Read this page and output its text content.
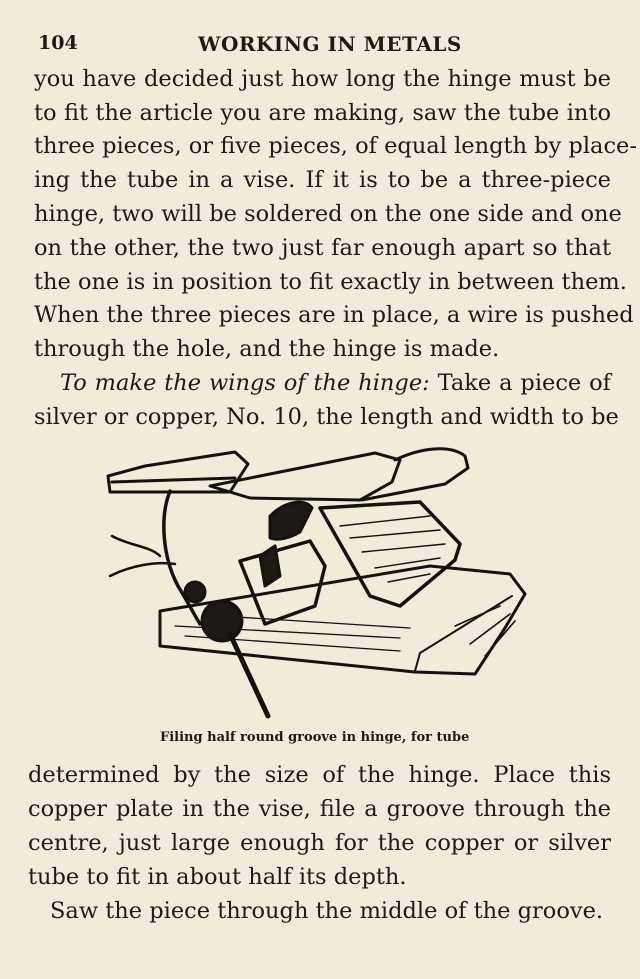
104	WORKING IN METALS
you have decided just how long the hinge must be
to fit the article you are making, saw the tube into
three pieces, or five pieces, of equal length by place-
ing the tube in a vise. If it is to be a three-piece
hinge, two will be soldered on the one side and one
on the other, the two just far enough apart so that
the one is in position to fit exactly in between them.
When the three pieces are in place, a wire is pushed
through the hole, and the hinge is made.
To make the wings of the hinge: Take a piece of
silver or copper, No. 10, the length and width to be
Filing half round groove in hinge, for tube
determined by the size of the hinge. Place this
copper plate in the vise, file a groove through the
centre, just large enough for the copper or silver
tube to fit in about half its depth.
Saw the piece through the middle of the groove.
